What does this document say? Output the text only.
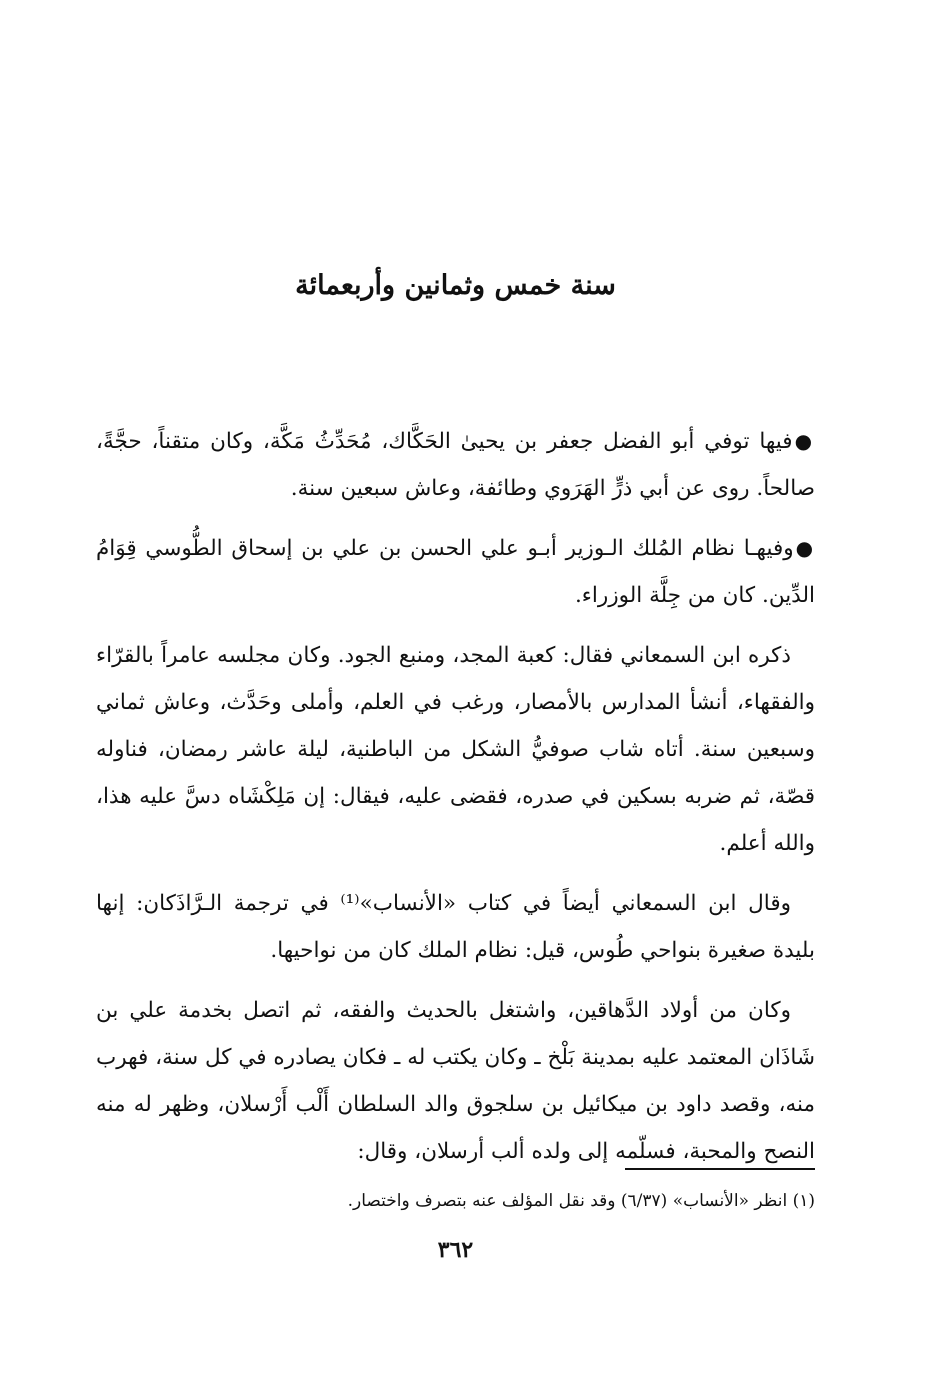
سنة خمس وثمانين وأربعمائة

●فيها توفي أبو الفضل جعفر بن يحيىٰ الحَكَّاك، مُحَدِّثُ مَكَّة، وكان متقناً، حجَّةً، صالحاً. روى عن أبي ذرٍّ الهَرَوي وطائفة، وعاش سبعين سنة.

●وفيهـا نظام المُلك الـوزير أبـو علي الحسن بن علي بن إسحاق الطُّوسي قِوَامُ الدِّين. كان من جِلَّة الوزراء.

ذكره ابن السمعاني فقال: كعبة المجد، ومنبع الجود. وكان مجلسه عامراً بالقرّاء والفقهاء، أنشأ المدارس بالأمصار، ورغب في العلم، وأملى وحَدَّث، وعاش ثماني وسبعين سنة. أتاه شاب صوفيُّ الشكل من الباطنية، ليلة عاشر رمضان، فناوله قصّة، ثم ضربه بسكين في صدره، فقضى عليه، فيقال: إن مَلِكْشَاه دسَّ عليه هذا، والله أعلم.

وقال ابن السمعاني أيضاً في كتاب «الأنساب»⁽¹⁾ في ترجمة الـرَّاذَكان: إنها بليدة صغيرة بنواحي طُوس، قيل: نظام الملك كان من نواحيها.

وكان من أولاد الدَّهاقين، واشتغل بالحديث والفقه، ثم اتصل بخدمة علي بن شَاذَان المعتمد عليه بمدينة بَلْخ ـ وكان يكتب له ـ فكان يصادره في كل سنة، فهرب منه، وقصد داود بن ميكائيل بن سلجوق والد السلطان أَلْب أَرْسلان، وظهر له منه النصح والمحبة، فسلّمه إلى ولده ألب أرسلان، وقال:

(١) انظر «الأنساب» (٦/٣٧) وقد نقل المؤلف عنه بتصرف واختصار.

٣٦٢
